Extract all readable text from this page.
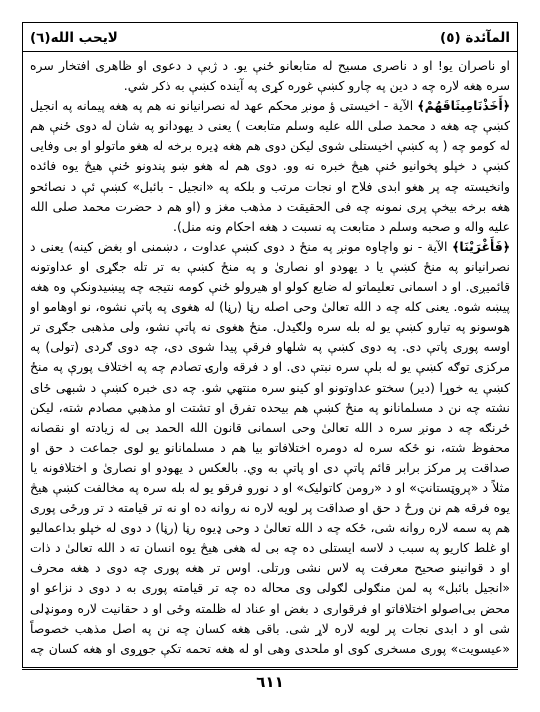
لايحب الله(٦)	المآئدة (٥)

او ناصران یو! او د ناصری مسیح له متابعانو ځنې یو. د ژبې د دعوی او ظاهری افتخار سره سره هغه لاره چه د دین په چارو کښې غوره کړی په آینده کښې به ذکر شي.

﴿أَخَذْنَامِيثَاقَهُمْ﴾ الآية - اخیستی ؤ مونږ محکم عهد له نصرانیانو نه هم په هغه پیمانه په انجیل کښې چه هغه د محمد صلی الله علیه وسلم متابعت ) یعنی د یهودانو په شان له دوی ځنې هم له کومو چه ( په کښې اخیستلی شوی لیکن دوی هم هغه ډیره برخه له هغو ماتولو او بی وفایی کښې د خپلو پخوانیو ځنې هیڅ خبره نه وو. دوی هم له هغو ښو پندونو ځنې هیڅ یوه فائده وانخیسته چه پر هغو ابدی فلاح او نجات مرتب و بلکه په «انجیل - بائبل» کښې ئې د نصائحو هغه برخه بیخې پری نمونه چه فی الحقیقت د مذهب مغز و (او هم د حضرت محمد صلی الله علیه واله و صحبه وسلم د متابعت په نسبت د هغه احکام ونه منل).

﴿فَأَغْرَيْنَا﴾ الآية - نو واچاوه مونږ په منځ د دوی کښې عداوت ، دښمنی او بغض کینه) یعنی د نصرانیانو په منځ کښې یا د یهودو او نصاریٰ و په منځ کښې به تر تله جګړی او عداوتونه قائمیږی. او د اسمانی تعلیماتو له ضایع کولو او هیرولو ځنې کومه نتیجه چه پیښیدونکې وه هغه پیښه شوه. یعنی کله چه د الله تعالیٰ وحی اصله رڼا (رڼا) له هغوی په پاتې نشوه، نو اوهامو او هوسونو په تیارو کښې یو له بله سره ولګیدل. منځ هغوی نه پاتې نشو، ولی مذهبی جګړی تر اوسه پوری پاتې دی. په دوی کښې په شلهاو فرقې پیدا شوی دی، چه دوی ګردی (تولی) په مرکزی توګه کښې یو له بلې سره نبتې دی. او د فرقه وارۍ تصادم چه په اختلاف پورې په منځ کښې یه خوړا (دیر) سختو عداوتونو او کینو سره منتهي شو. چه دی خبره کښې د شبهی ځای نشته چه نن د مسلمانانو په منځ کښې هم بیحده تفرق او تشتت او مذهبي مصادم شته، لیکن ځرنګه چه د مونږ سره د الله تعالیٰ وحی اسمانی قانون الله الحمد بی له زیادته او نقصانه محفوظ شته، نو ځکه سره له دومره اختلافاتو بیا هم د مسلمانانو یو لوی جماعت د حق او صداقت پر مرکز برابر قائم پاتې دی او پاتې به وي. بالعکس د یهودو او نصاریٰ و اختلافونه یا مثلاً د «پروټستانټ» او د «رومن کاتولیک» او د نورو فرقو یو له بله سره په مخالفت کښې هیڅ یوه فرقه هم نن ورځ د حق او صداقت پر لویه لاره نه روانه ده او نه تر قیامته د تر ورځی پوری هم په سمه لاره روانه شی، ځکه چه د الله تعالیٰ د وحی ډیوه رڼا (رڼا) د دوی له خپلو بداعمالیو او غلط کاریو په سبب د لاسه ایستلی ده چه بی له هغی هیڅ یوه انسان ته د الله تعالیٰ د ذات او د قوانینو صحیح معرفت په لاس نشی ورتلی. اوس تر هغه پوری چه دوی د هغه محرف «انجیل بائبل» په لمن منګولی لګولی وی محاله ده چه تر قیامته پوری به د دوی د نزاعو او محض بی‌اصولو اختلافاتو او فرقواری د بغض او عناد له ظلمته وځی او د حقانیت لاره ومونډلی شی او د ابدی نجات پر لویه لاره لاړ شی. باقی هغه کسان چه نن په اصل مذهب خصوصاً «عیسویت» پوری مسخری کوی او ملحدی وهی او له هغه تحمه تکې جوړوی او هغه کسان چه

٦١١
